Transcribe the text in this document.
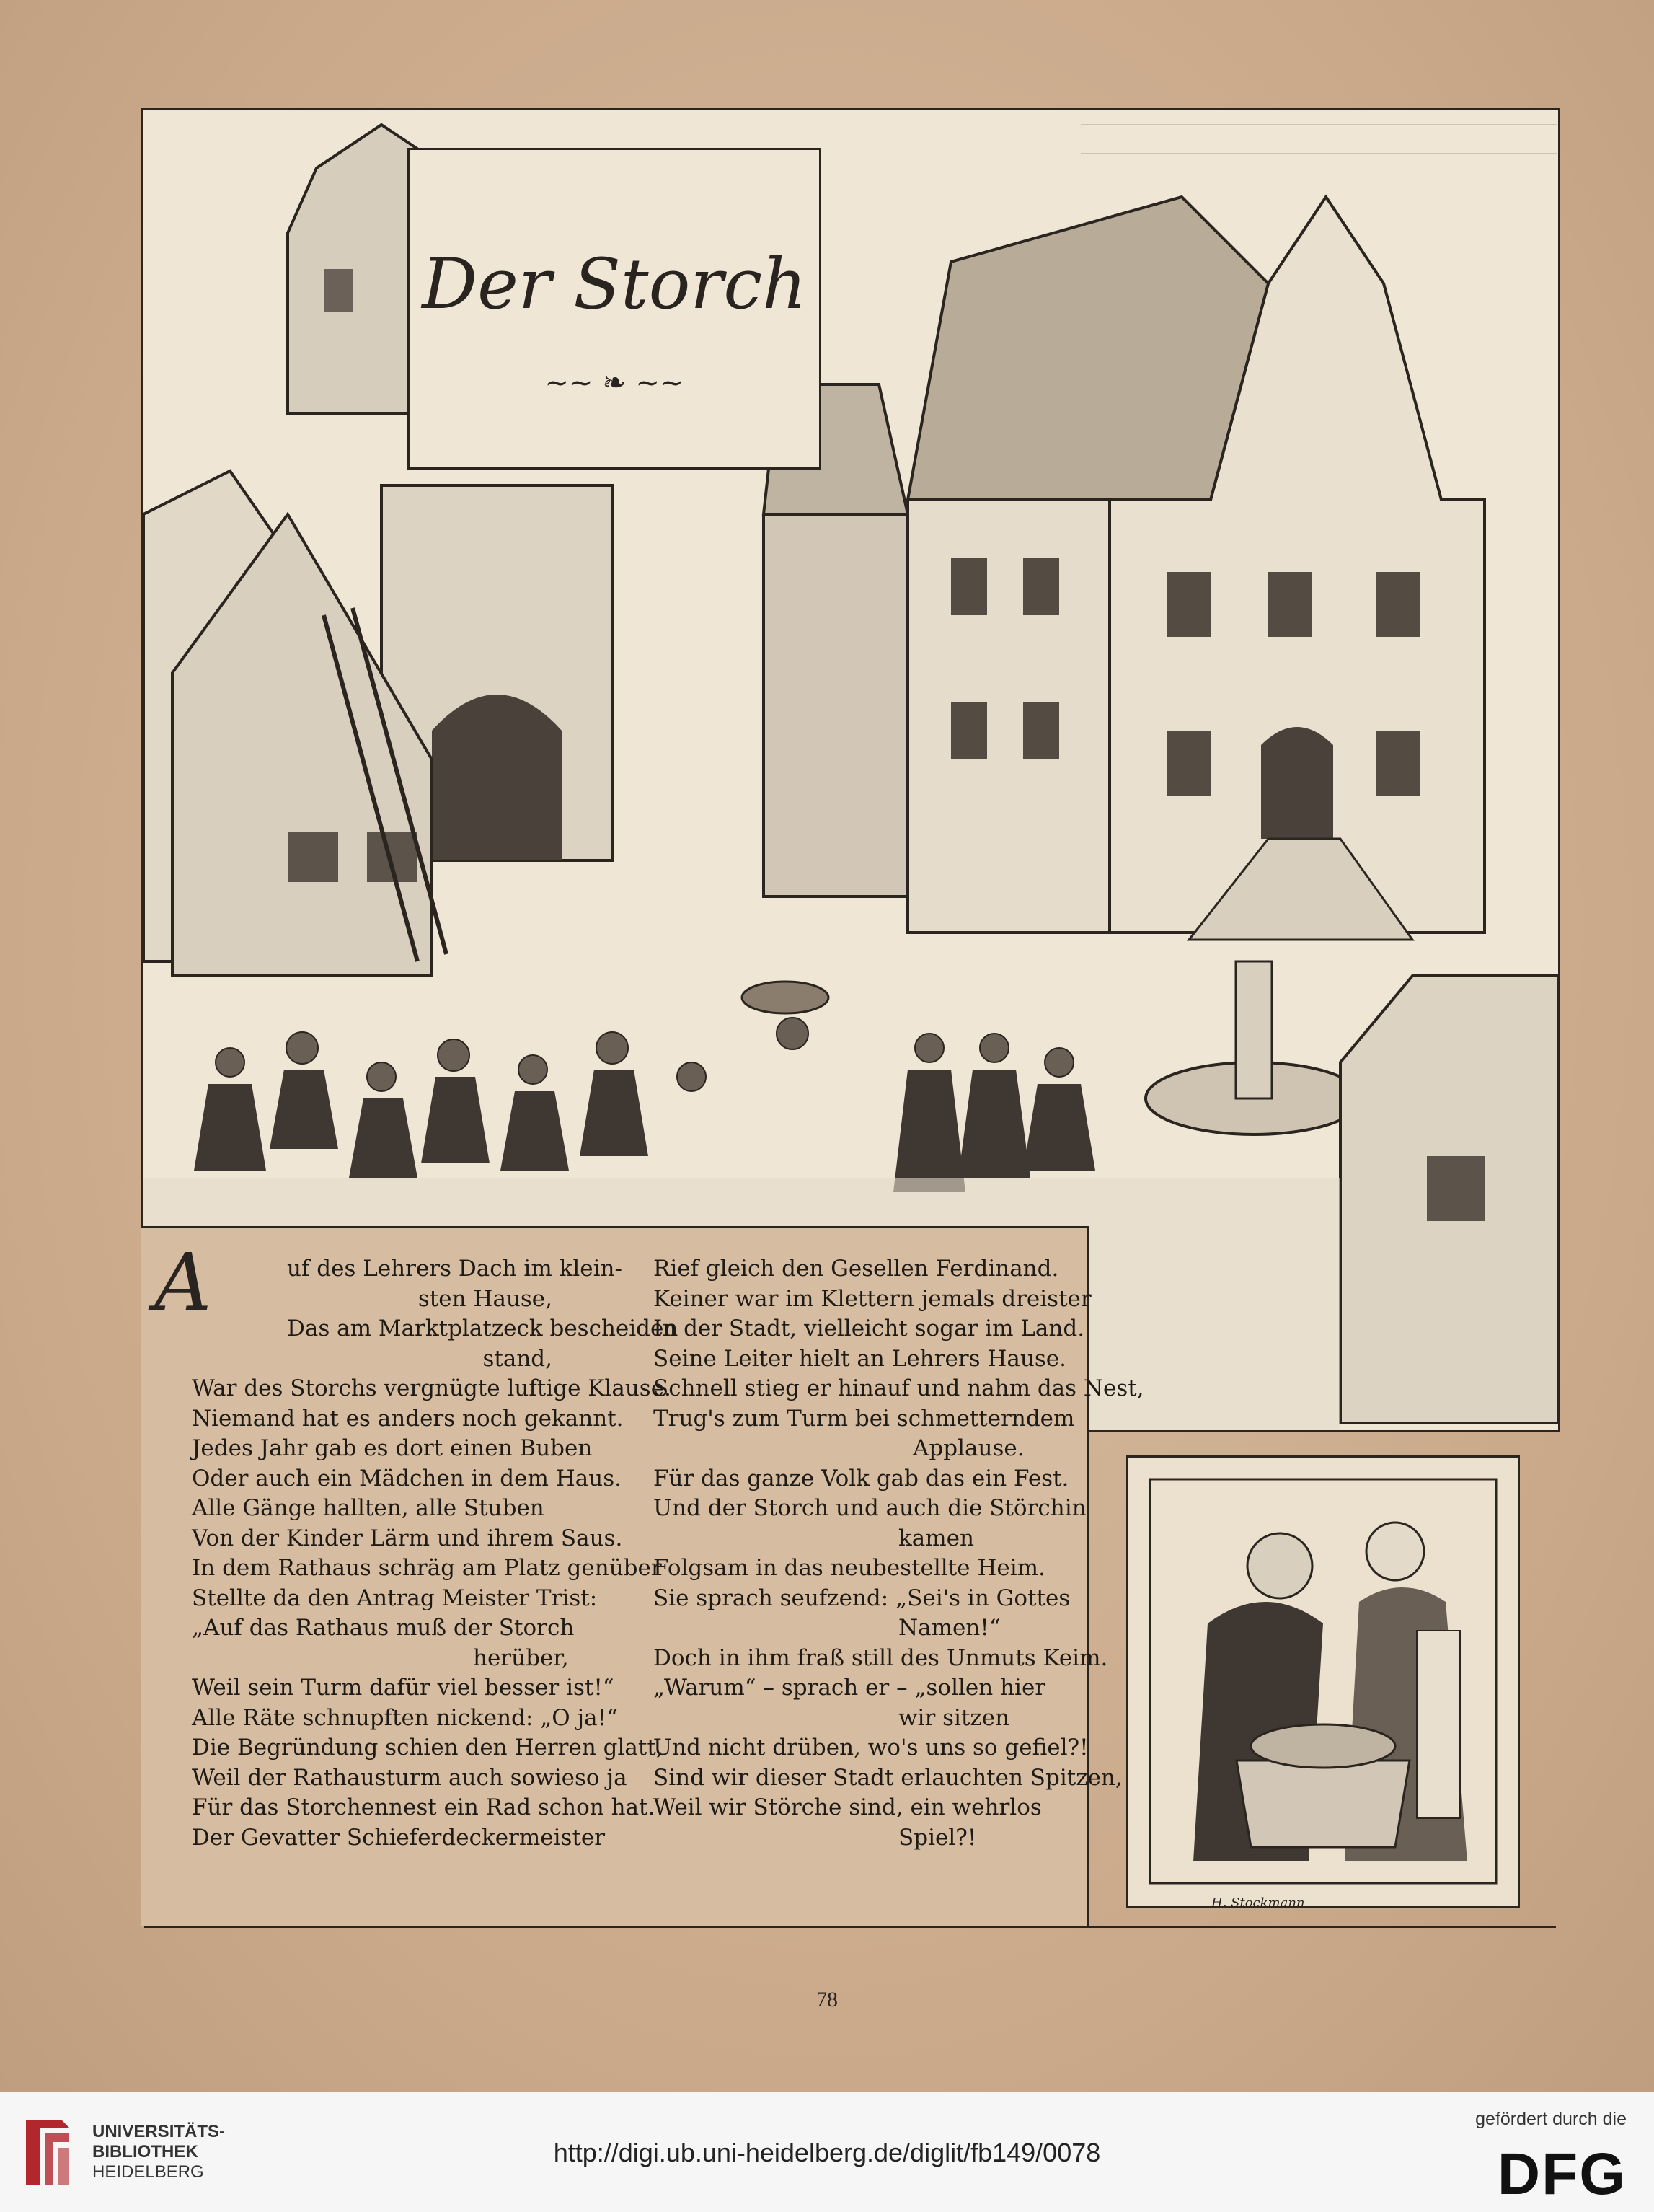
Der Storch
~~ ❧ ~~
A	uf des Lehrers Dach im klein-
sten Hause,
Das am Marktplatzeck bescheiden
stand,
War des Storchs vergnügte luftige Klause.
Niemand hat es anders noch gekannt.
Jedes Jahr gab es dort einen Buben
Oder auch ein Mädchen in dem Haus.
Alle Gänge hallten, alle Stuben
Von der Kinder Lärm und ihrem Saus.
In dem Rathaus schräg am Platz genüber
Stellte da den Antrag Meister Trist:
„Auf das Rathaus muß der Storch
herüber,
Weil sein Turm dafür viel besser ist!“
Alle Räte schnupften nickend: „O ja!“
Die Begründung schien den Herren glatt,
Weil der Rathausturm auch sowieso ja
Für das Storchennest ein Rad schon hat.
Der Gevatter Schieferdeckermeister
Rief gleich den Gesellen Ferdinand.
Keiner war im Klettern jemals dreister
In der Stadt, vielleicht sogar im Land.
Seine Leiter hielt an Lehrers Hause.
Schnell stieg er hinauf und nahm das Nest,
Trug's zum Turm bei schmetterndem
Applause.
Für das ganze Volk gab das ein Fest.
Und der Storch und auch die Störchin
kamen
Folgsam in das neubestellte Heim.
Sie sprach seufzend: „Sei's in Gottes
Namen!“
Doch in ihm fraß still des Unmuts Keim.
„Warum“ – sprach er – „sollen hier
wir sitzen
Und nicht drüben, wo's uns so gefiel?!
Sind wir dieser Stadt erlauchten Spitzen,
Weil wir Störche sind, ein wehrlos
Spiel?!
H. Stockmann
78
UNIVERSITÄTS-
BIBLIOTHEK
HEIDELBERG
http://digi.ub.uni-heidelberg.de/diglit/fb149/0078
gefördert durch die
DFG
